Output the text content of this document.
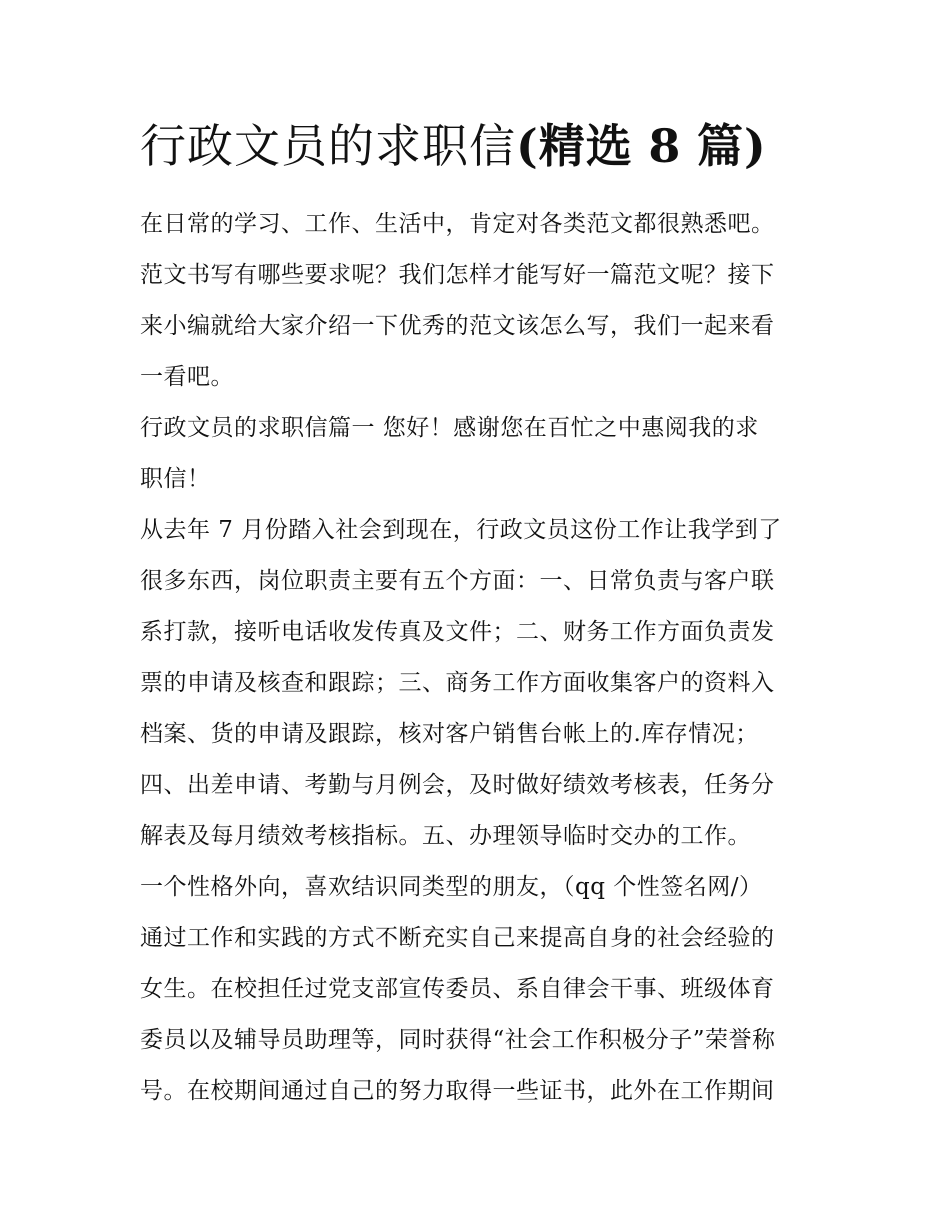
行政文员的求职信(精选 8 篇)
在日常的学习、工作、生活中，肯定对各类范文都很熟悉吧。
范文书写有哪些要求呢？我们怎样才能写好一篇范文呢？接下
来小编就给大家介绍一下优秀的范文该怎么写，我们一起来看
一看吧。
行政文员的求职信篇一 您好！感谢您在百忙之中惠阅我的求
职信！
从去年 7 月份踏入社会到现在，行政文员这份工作让我学到了
很多东西，岗位职责主要有五个方面：一、日常负责与客户联
系打款，接听电话收发传真及文件；二、财务工作方面负责发
票的申请及核查和跟踪；三、商务工作方面收集客户的资料入
档案、货的申请及跟踪，核对客户销售台帐上的.库存情况；
四、出差申请、考勤与月例会，及时做好绩效考核表，任务分
解表及每月绩效考核指标。五、办理领导临时交办的工作。
一个性格外向，喜欢结识同类型的朋友，（qq 个性签名网/）
通过工作和实践的方式不断充实自己来提高自身的社会经验的
女生。在校担任过党支部宣传委员、系自律会干事、班级体育
委员以及辅导员助理等，同时获得“社会工作积极分子”荣誉称
号。在校期间通过自己的努力取得一些证书，此外在工作期间
